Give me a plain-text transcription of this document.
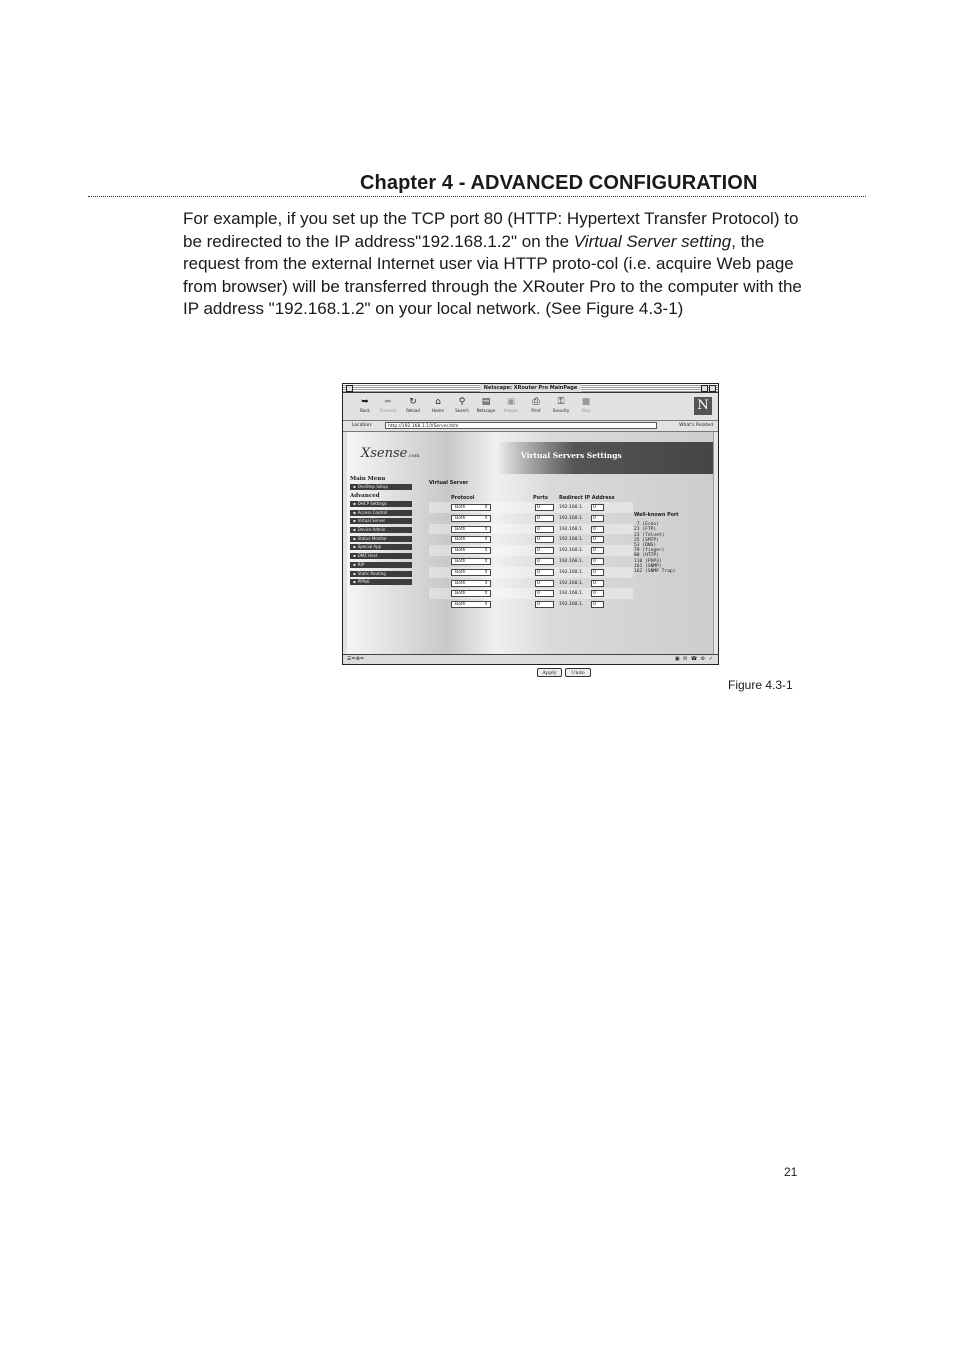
Chapter 4 - ADVANCED CONFIGURATION

For example, if you set up the TCP port 80 (HTTP: Hypertext Transfer Protocol) to be redirected to the IP address"192.168.1.2" on the Virtual Server setting, the request from the external Internet user via HTTP proto-col (i.e. acquire Web page from browser) will be transferred through the XRouter Pro to the computer with the IP address "192.168.1.2" on your local network. (See Figure 4.3-1)

Netscape: XRouter Pro MainPage
➥
Back
➦
Forward
↻
Reload
⌂
Home
⚲
Search
▤
Netscape
▣
Images
⎙
Print
⚿
Security
■
Stop	N
Location:	http://192.168.1.1/VServer.htm	What's Related
Xsense.com	Virtual Servers Settings
Main Menu
▪ OneStep Setup
Advanced
▪ DHCP Settings
▪ Access Control
▪ Virtual Server
▪ Device Admin
▪ Status Monitor
▪ Special App
▪ DMZ Host
▪ RIP
▪ Static Routing
▪ PPPoE
Virtual Server
Protocol	Ports Redirect IP Address
Both ⇕	0	192.168.1.	0
Both ⇕	0	192.168.1.	0
Both ⇕	0	192.168.1.	0
Both ⇕	0	192.168.1.	0
Both ⇕	0	192.168.1.	0
Both ⇕	0	192.168.1.	0
Both ⇕	0	192.168.1.	0
Both ⇕	0	192.168.1.	0
Both ⇕	0	192.168.1.	0
Both ⇕	0	192.168.1.	0
Well-known Port
7 (Echo)
21 (FTP)
23 (Telnet)
25 (SMTP)
53 (DNS)
79 (finger)
80 (HTTP)
110 (POP3)
161 (SNMP)
162 (SNMP Trap)
Apply	Undo
☰=⊗=	▣ ✉ ☎ ⚙ ✓
Figure 4.3-1
21
